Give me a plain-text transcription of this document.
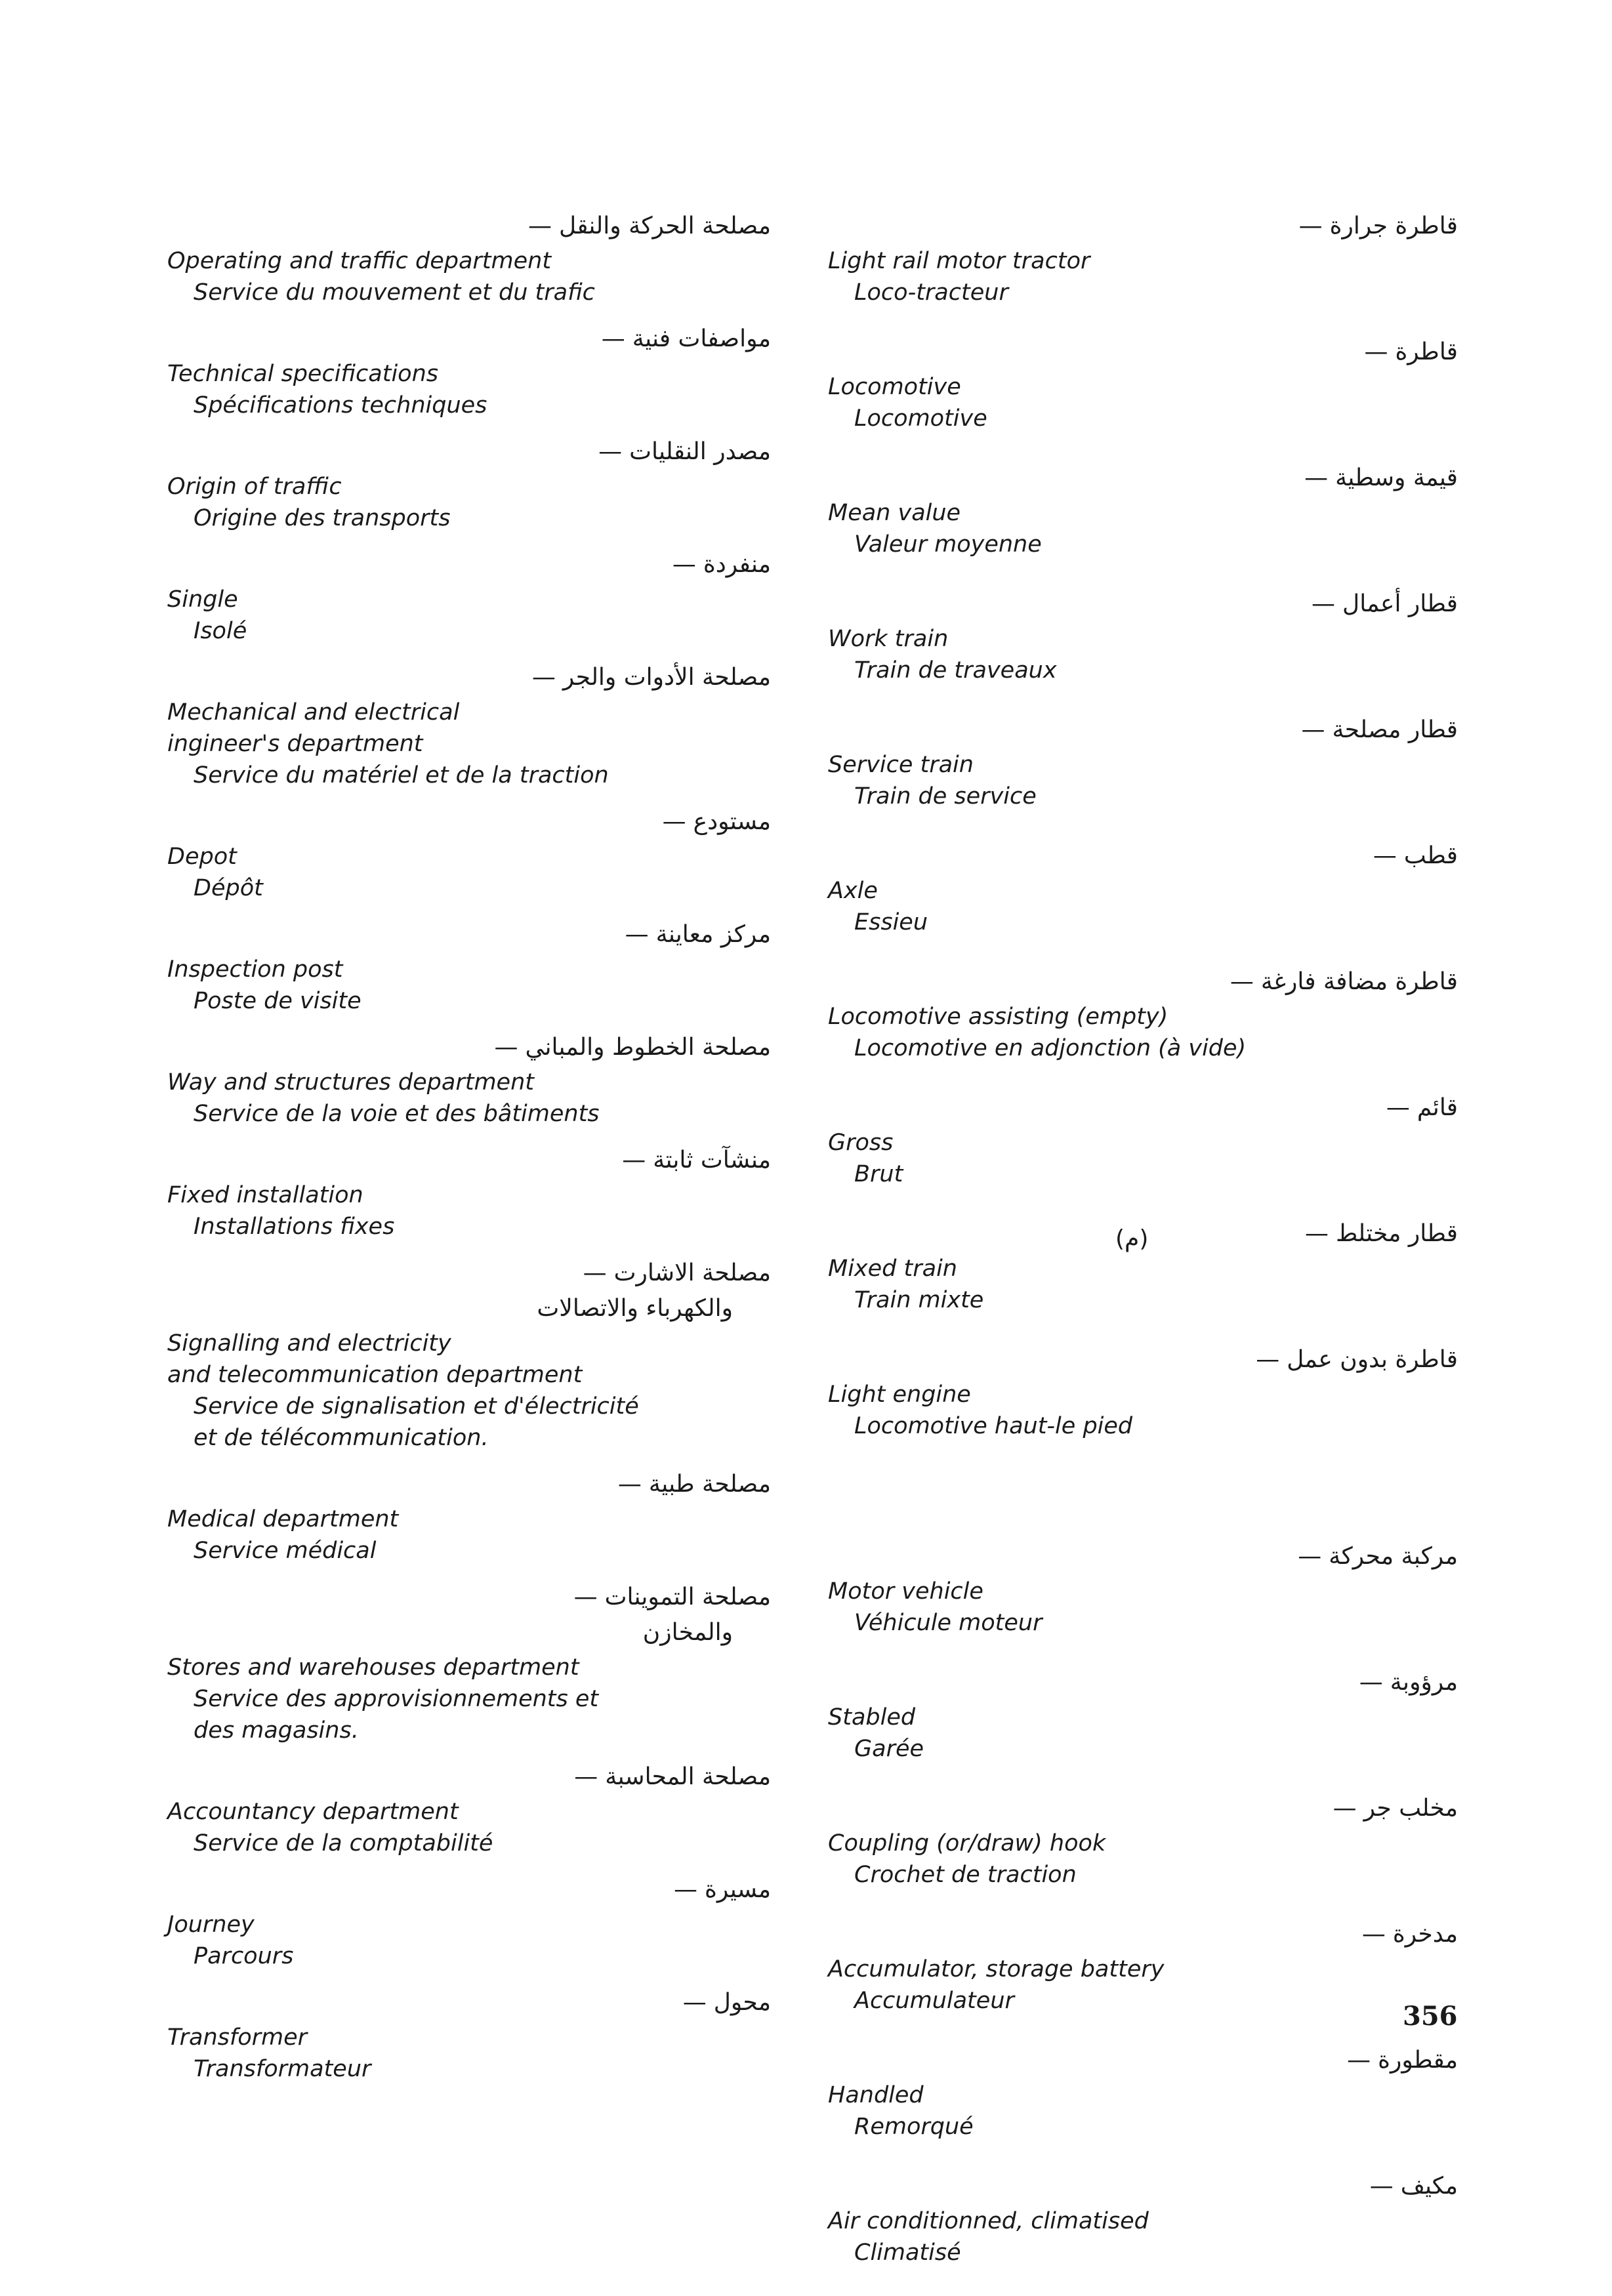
مصلحة الحركة والنقل—
Operating and traffic department
Service du mouvement et du trafic
مواصفات فنية—
Technical specifications
Spécifications techniques
مصدر النقليات—
Origin of traffic
Origine des transports
منفردة—
Single
Isolé
مصلحة الأدوات والجر—
Mechanical and electrical
ingineer's department
Service du matériel et de la traction
مستودع—
Depot
Dépôt
مركز معاينة—
Inspection post
Poste de visite
مصلحة الخطوط والمباني—
Way and structures department
Service de la voie et des bâtiments
منشآت ثابتة—
Fixed installation
Installations fixes
مصلحة الاشارت—
والكهرباء والاتصالات
Signalling and electricity
and telecommunication department
Service de signalisation et d'électricité
et de télécommunication.
مصلحة طبية—
Medical department
Service médical
مصلحة التموينات—
والمخازن
Stores and warehouses department
Service des approvisionnements et
des magasins.
مصلحة المحاسبة—
Accountancy department
Service de la comptabilité
مسيرة—
Journey
Parcours
محول—
Transformer
Transformateur
قاطرة جرارة—
Light rail motor tractor
Loco-tracteur
قاطرة—
Locomotive
Locomotive
قيمة وسطية—
Mean value
Valeur moyenne
قطار أعمال—
Work train
Train de traveaux
قطار مصلحة—
Service train
Train de service
قطب—
Axle
Essieu
قاطرة مضافة فارغة—
Locomotive assisting (empty)
Locomotive en adjonction (à vide)
قائم—
Gross
Brut
قطار مختلط—
Mixed train
Train mixte
قاطرة بدون عمل—
Light engine
Locomotive haut-le pied
مركبة محركة—
Motor vehicle
Véhicule moteur
مرؤوبة—
Stabled
Garée
مخلب جر—
Coupling (or/draw) hook
Crochet de traction
مدخرة—
Accumulator, storage battery
Accumulateur
مقطورة—
Handled
Remorqué
مكيف—
Air conditionned, climatised
Climatisé
(م)
356
